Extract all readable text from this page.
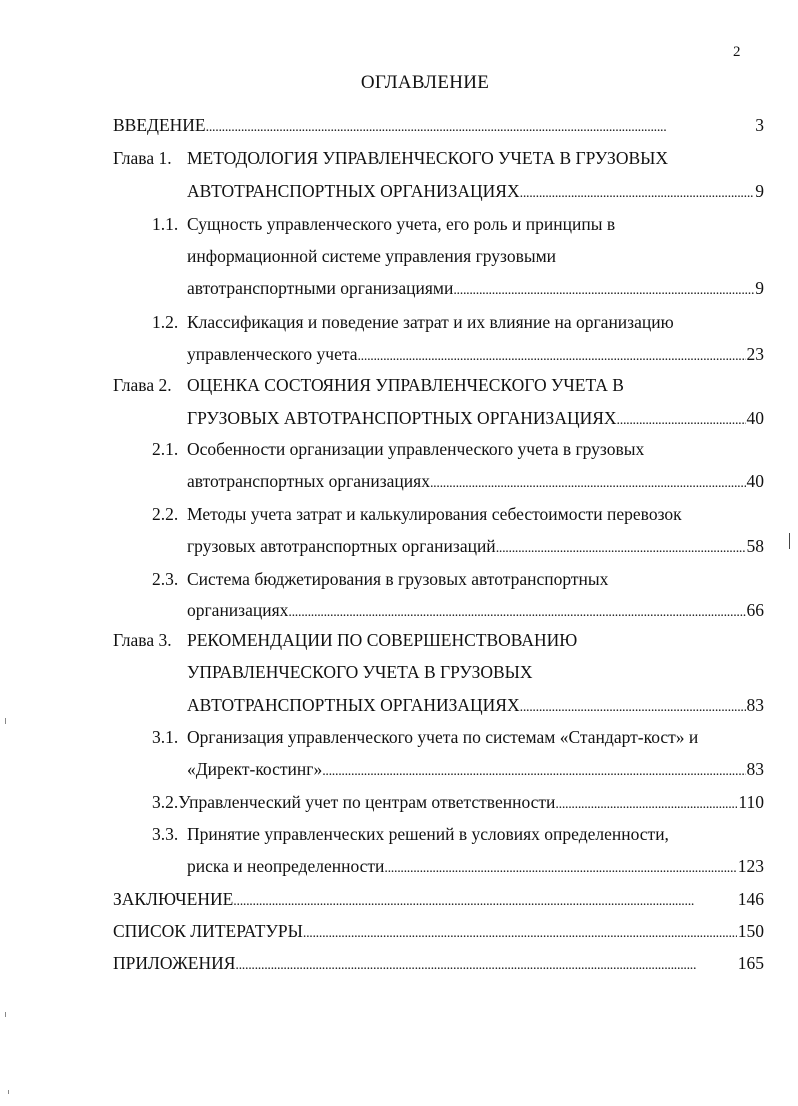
2
ОГЛАВЛЕНИЕ
ВВЕДЕНИЕ . . .	3
Глава 1. МЕТОДОЛОГИЯ УПРАВЛЕНЧЕСКОГО УЧЕТА В ГРУЗОВЫХ
АВТОТРАНСПОРТНЫХ ОРГАНИЗАЦИЯХ . . .	9
1.1. Сущность управленческого учета, его роль и принципы в
информационной системе управления грузовыми
автотранспортными организациями . . .	9
1.2. Классификация и поведение затрат и их влияние на организацию
управленческого учета . . .	23
Глава 2. ОЦЕНКА СОСТОЯНИЯ УПРАВЛЕНЧЕСКОГО УЧЕТА В
ГРУЗОВЫХ АВТОТРАНСПОРТНЫХ ОРГАНИЗАЦИЯХ . . .	40
2.1. Особенности организации управленческого учета в грузовых
автотранспортных организациях . . .	40
2.2. Методы учета затрат и калькулирования себестоимости перевозок
грузовых автотранспортных организаций . . .	58
2.3. Система бюджетирования в грузовых автотранспортных
организациях . . .	66
Глава 3. РЕКОМЕНДАЦИИ ПО СОВЕРШЕНСТВОВАНИЮ
УПРАВЛЕНЧЕСКОГО УЧЕТА В ГРУЗОВЫХ
АВТОТРАНСПОРТНЫХ ОРГАНИЗАЦИЯХ . . .	83
3.1. Организация управленческого учета по системам «Стандарт-кост» и
«Директ-костинг» . . .	83
3.2. Управленческий учет по центрам ответственности . . .	110
3.3. Принятие управленческих решений в условиях определенности,
риска и неопределенности . . .	123
ЗАКЛЮЧЕНИЕ . . .	146
СПИСОК ЛИТЕРАТУРЫ . . .	150
ПРИЛОЖЕНИЯ . . .	165
